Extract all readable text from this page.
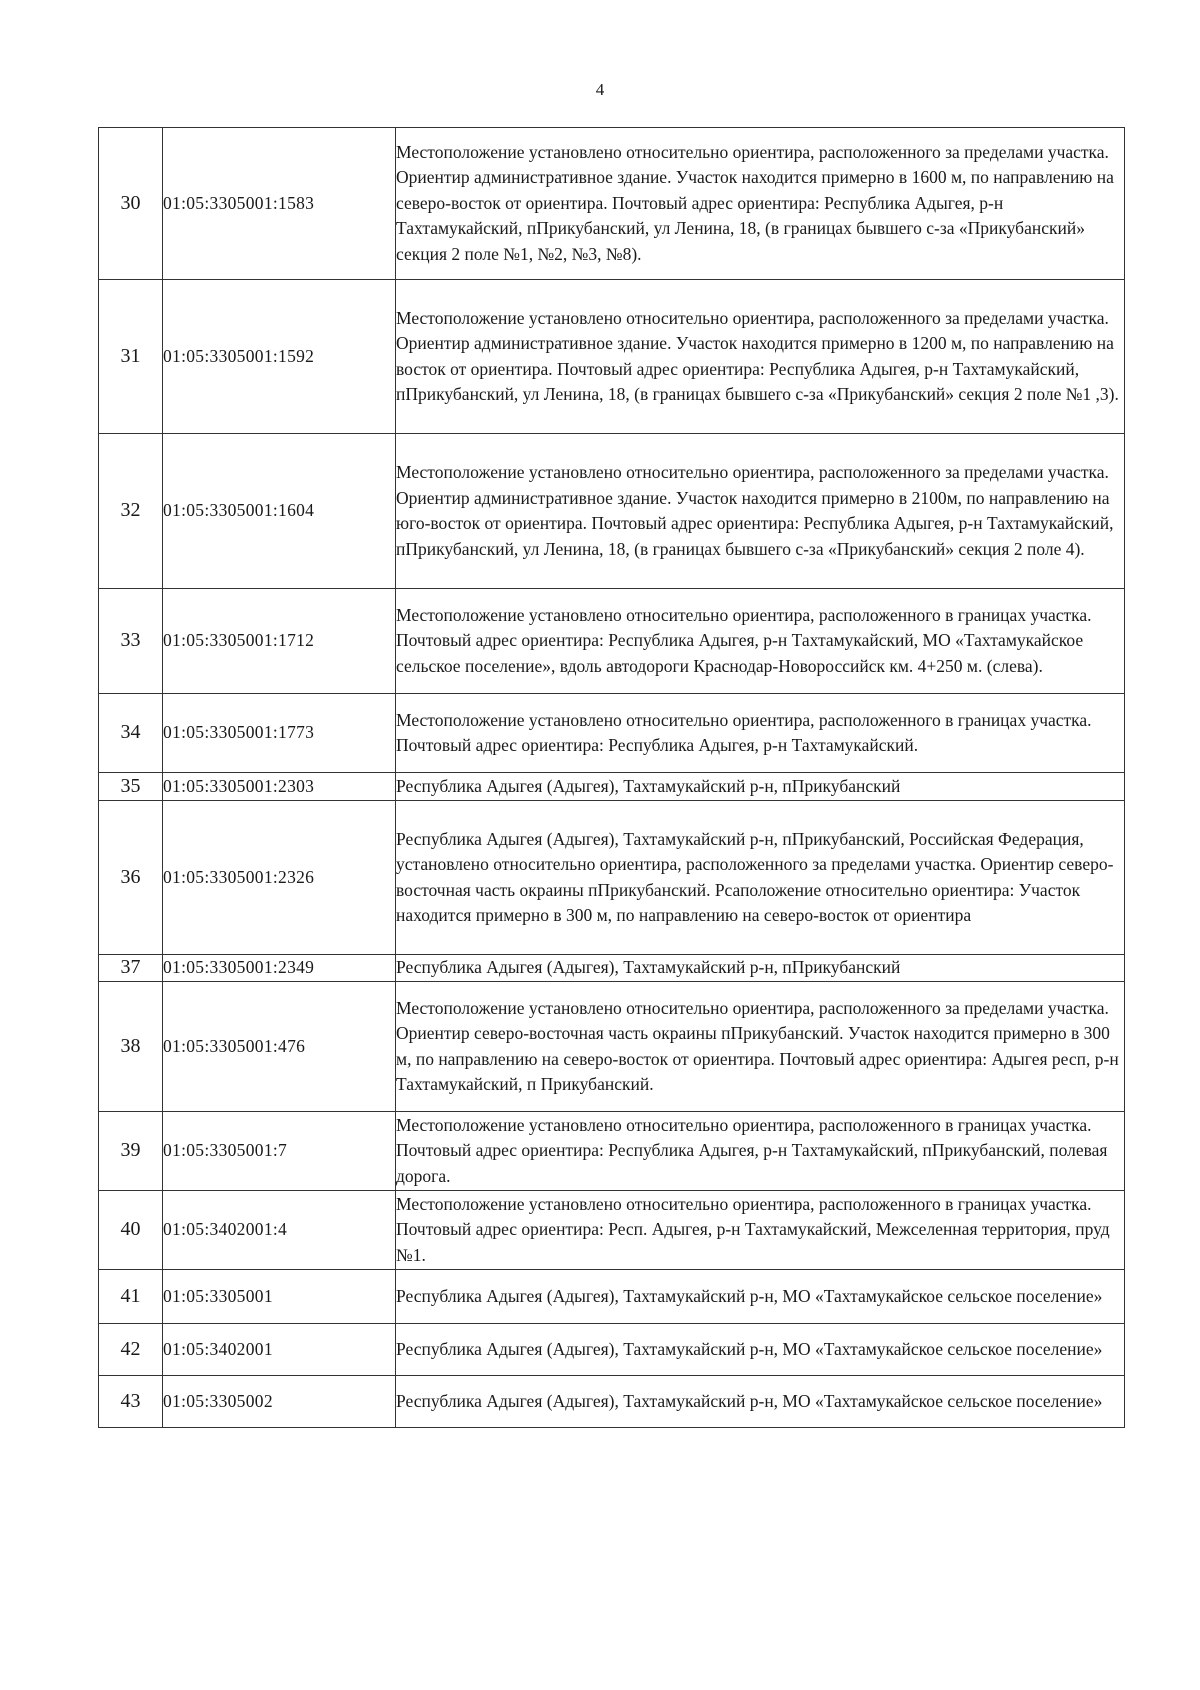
4
30	01:05:3305001:1583	Местоположение установлено относительно ориентира, расположенного за пределами участка. Ориентир административное здание. Участок находится примерно в 1600 м, по направлению на северо-восток от ориентира. Почтовый адрес ориентира: Республика Адыгея, р-н Тахтамукайский, пПрикубанский, ул Ленина, 18, (в границах бывшего с-за «Прикубанский» секция 2 поле №1, №2, №3, №8).
31	01:05:3305001:1592	Местоположение установлено относительно ориентира, расположенного за пределами участка. Ориентир административное здание. Участок находится примерно в 1200 м, по направлению на восток от ориентира. Почтовый адрес ориентира: Республика Адыгея, р-н Тахтамукайский, пПрикубанский, ул Ленина, 18, (в границах бывшего с-за «Прикубанский» секция 2 поле №1 ,3).
32	01:05:3305001:1604	Местоположение установлено относительно ориентира, расположенного за пределами участка. Ориентир административное здание. Участок находится примерно в 2100м, по направлению на юго-восток от ориентира. Почтовый адрес ориентира: Республика Адыгея, р-н Тахтамукайский, пПрикубанский, ул Ленина, 18, (в границах бывшего с-за «Прикубанский» секция 2 поле 4).
33	01:05:3305001:1712	Местоположение установлено относительно ориентира, расположенного в границах участка. Почтовый адрес ориентира: Республика Адыгея, р-н Тахтамукайский, МО «Тахтамукайское сельское поселение», вдоль автодороги Краснодар-Новороссийск км. 4+250 м. (слева).
34	01:05:3305001:1773	Местоположение установлено относительно ориентира, расположенного в границах участка. Почтовый адрес ориентира: Республика Адыгея, р-н Тахтамукайский.
35	01:05:3305001:2303	Республика Адыгея (Адыгея), Тахтамукайский р-н, пПрикубанский
36	01:05:3305001:2326	Республика Адыгея (Адыгея), Тахтамукайский р-н, пПрикубанский, Российская Федерация, установлено относительно ориентира, расположенного за пределами участка. Ориентир северо-восточная часть окраины пПрикубанский. Рсаположение относительно ориентира: Участок находится примерно в 300 м, по направлению на северо-восток от ориентира
37	01:05:3305001:2349	Республика Адыгея (Адыгея), Тахтамукайский р-н, пПрикубанский
38	01:05:3305001:476	Местоположение установлено относительно ориентира, расположенного за пределами участка. Ориентир северо-восточная часть окраины пПрикубанский. Участок находится примерно в 300 м, по направлению на северо-восток от ориентира. Почтовый адрес ориентира: Адыгея респ, р-н Тахтамукайский, п Прикубанский.
39	01:05:3305001:7	Местоположение установлено относительно ориентира, расположенного в границах участка. Почтовый адрес ориентира: Республика Адыгея, р-н Тахтамукайский, пПрикубанский, полевая дорога.
40	01:05:3402001:4	Местоположение установлено относительно ориентира, расположенного в границах участка. Почтовый адрес ориентира: Респ. Адыгея, р-н Тахтамукайский, Межселенная территория, пруд №1.
41	01:05:3305001	Республика Адыгея (Адыгея), Тахтамукайский р-н, МО «Тахтамукайское сельское поселение»
42	01:05:3402001	Республика Адыгея (Адыгея), Тахтамукайский р-н, МО «Тахтамукайское сельское поселение»
43	01:05:3305002	Республика Адыгея (Адыгея), Тахтамукайский р-н, МО «Тахтамукайское сельское поселение»
